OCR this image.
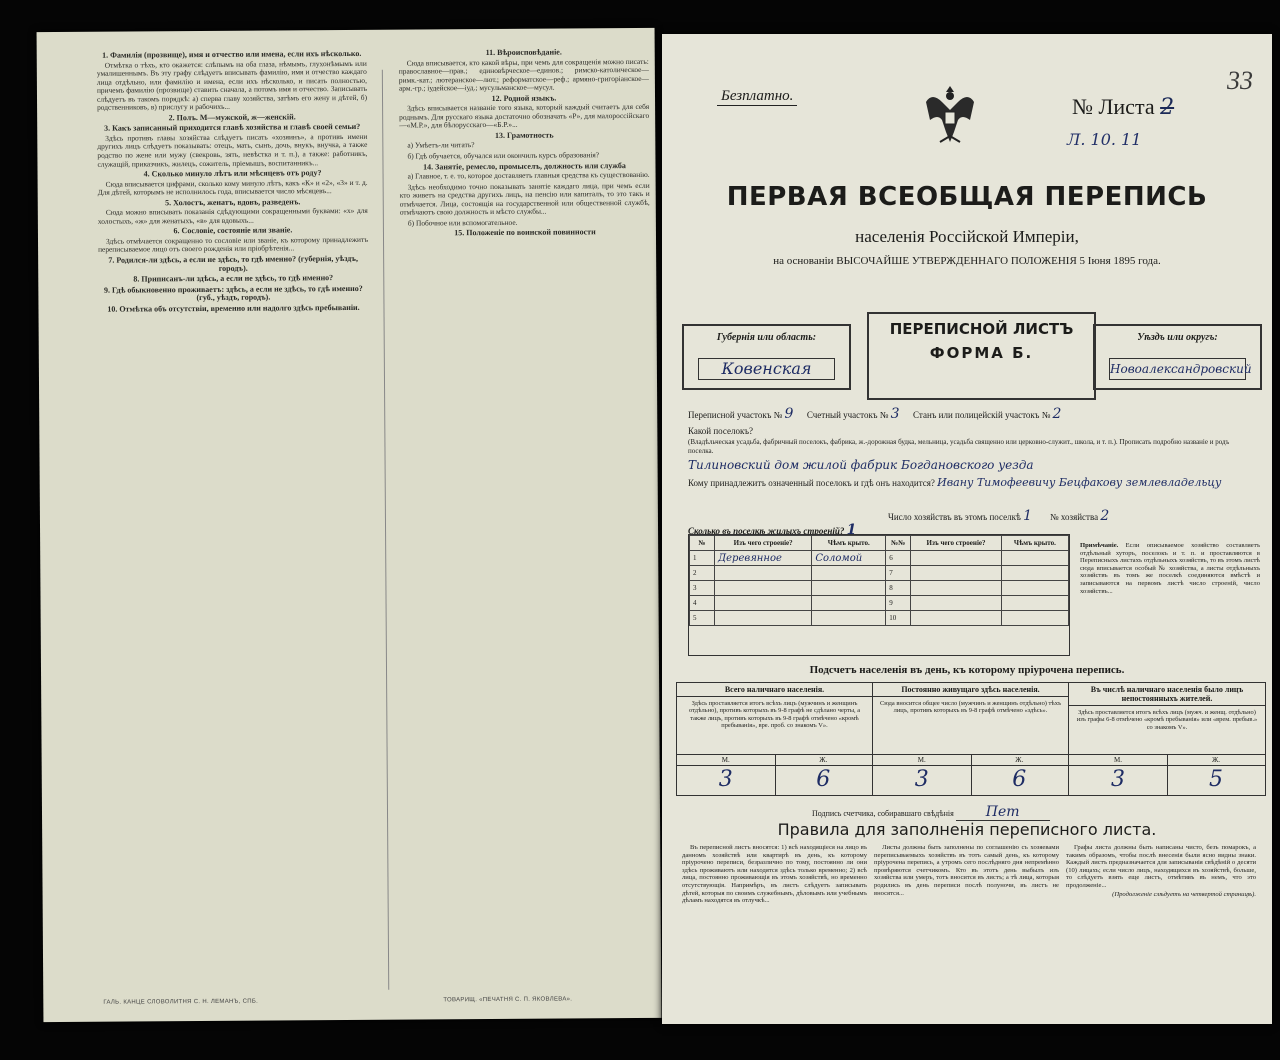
1. Фамилія (прозвище), имя и отчество или имена, если ихъ нѣсколько.

Отмѣтка о тѣхъ, кто окажется: слѣпымъ на оба глаза, нѣмымъ, глухонѣмымъ или умалишеннымъ. Въ эту графу слѣдуетъ вписывать фамилію, имя и отчество каждаго лица отдѣльно, или фамилію и имена, если ихъ нѣсколько, и писать полностью, причемъ фамилію (прозвище) ставить сначала, а потомъ имя и отчество. Записывать слѣдуетъ въ такомъ порядкѣ: а) сперва главу хозяйства, затѣмъ его жену и дѣтей, б) родственниковъ, в) прислугу и рабочихъ...

2. Полъ. М—мужской, ж—женскій.
3. Какъ записанный приходится главѣ хозяйства и главѣ своей семьи?

Здѣсь противъ главы хозяйства слѣдуетъ писать «хозяинъ», а противъ имени другихъ лицъ слѣдуетъ показывать: отецъ, мать, сынъ, дочь, внукъ, внучка, а также родство по жене или мужу (свекровь, зять, невѣстка и т. п.), а также: работникъ, служащій, приказчикъ, жилецъ, сожитель, пріемышъ, воспитанникъ...

4. Сколько минуло лѣтъ или мѣсяцевъ отъ роду?

Сюда вписывается цифрами, сколько кому минуло лѣтъ, какъ «К» и «2», «3» и т. д. Для дѣтей, которымъ не исполнилось года, вписывается число мѣсяцевъ...

5. Холостъ, женатъ, вдовъ, разведенъ.

Сюда можно вписывать показанія сдѣдующими сокращенными буквами: «х» для холостыхъ, «ж» для женатыхъ, «в» для вдовыхъ...

6. Сословіе, состояніе или званіе.

Здѣсь отмѣчается сокращенно то сословіе или званіе, къ которому принадлежитъ переписываемое лицо отъ своего рожденія или пріобрѣтенія...

7. Родился-ли здѣсь, а если не здѣсь, то гдѣ именно? (губернія, уѣздъ, городъ).
8. Приписанъ-ли здѣсь, а если не здѣсь, то гдѣ именно?
9. Гдѣ обыкновенно проживаетъ: здѣсь, а если не здѣсь, то гдѣ именно? (губ., уѣздъ, городъ).
10. Отмѣтка объ отсутствіи, временно или надолго здѣсь пребываніи.
11. Вѣроисповѣданіе.

Сюда вписывается, кто какой вѣры, при чемъ для сокращенія можно писать: православное—прав.; единовѣрческое—единов.; римско-католическое—римк.-кат.; лютеранское—лют.; реформатское—реф.; армяно-григоріанское—арм.-гр.; іудейское—іуд.; мусульманское—мусул.

12. Родной языкъ.

Здѣсь вписывается названіе того языка, который каждый считаетъ для себя роднымъ. Для русскаго языка достаточно обозначать «Р», для малороссійскаго—«М.Р.», для бѣлорусскаго—«Б.Р.»...

13. Грамотность

а) Умѣетъ-ли читать?

б) Гдѣ обучается, обучался или окончилъ курсъ образованія?

14. Занятіе, ремесло, промыселъ, должность или служба

а) Главное, т. е. то, которое доставляетъ главныя средства къ существованію.

Здѣсь необходимо точно показывать занятіе каждаго лица, при чемъ если кто живетъ на средства другихъ лицъ, на пенсію или капиталъ, то это такъ и отмѣчается. Лица, состоящія на государственной или общественной службѣ, отмѣчаютъ свою должность и мѣсто службы...

б) Побочное или вспомогательное.

15. Положеніе по воинской повинности
ГАЛЬ. КАНЦЕ СЛОВОЛИТНЯ С. Н. ЛЕМАНЪ, СПБ.	ТОВАРИЩ. «ПЕЧАТНЯ С. П. ЯКОВЛЕВА».
Безплатно.	№ Листа 2
Л. 10. 11
33
ПЕРВАЯ ВСЕОБЩАЯ ПЕРЕПИСЬ
населенія Россійской Имперіи,
на основаніи ВЫСОЧАЙШЕ УТВЕРЖДЕННАГО ПОЛОЖЕНІЯ 5 Іюня 1895 года.
Губернія или область:
Ковенская
ПЕРЕПИСНОЙ ЛИСТЪ
ФОРМА Б.
Уѣздъ или округъ:
Новоалександровский
Переписной участокъ № 9 Счетный участокъ № 3 Станъ или полицейскій участокъ № 2
Какой поселокъ?
(Владѣльческая усадьба, фабричный поселокъ, фабрика, ж.-дорожная будка, мельница, усадьба священно или церковно-служит., школа, и т. п.). Прописать подробно названіе и родъ поселка.
Тилиновский дом жилой фабрик Богдановского уезда
Кому принадлежитъ означенный поселокъ и гдѣ онъ находится? Ивану Тимофеевичу Бецфакову землевладельцу
Число хозяйствъ въ этомъ поселкѣ 1 № хозяйства 2
Сколько въ поселкѣ жилыхъ строеній? 1
№	Изъ чего строеніе?	Чѣмъ крыто.	№№	Изъ чего строеніе?	Чѣмъ крыто.
1	Деревянное	Соломой	6		
2			7		
3			8		
4			9		
5			10		
Примѣчаніе. Если описываемое хозяйство составляетъ отдѣльный хуторъ, поселокъ и т. п. и проставляются в Переписныхъ листахъ отдѣльныхъ хозяйствъ, то въ этомъ листѣ сюда вписывается особый № хозяйства, а листы отдѣльныхъ хозяйствъ въ томъ же поселкѣ соединяются вмѣстѣ и записываются на первомъ листѣ число строеній, число хозяйствъ...
Подсчетъ населенія въ день, къ которому пріурочена перепись.
Всего наличнаго населенія.
Здѣсь проставляется итогъ всѣхъ лицъ (мужчинъ и женщинъ отдѣльно), противъ которыхъ въ 9-8 графѣ не сдѣлано черты, а также лицъ, противъ которыхъ въ 9-8 графѣ отмѣчено «кромѣ пребыванія», вре. проб. со знакомъ V».
М.
3
Ж.
6
Постоянно живущаго здѣсь населенія.
Сюда вносится общее число (мужчинъ и женщинъ отдѣльно) тѣхъ лицъ, противъ которыхъ въ 9-8 графѣ отмѣчено «здѣсь».
М.
3
Ж.
6
Въ числѣ наличнаго населенія было лицъ непостоянныхъ жителей.
Здѣсь проставляется итогъ всѣхъ лицъ (мужч. и женщ. отдѣльно) изъ графы 6-8 отмѣчено «кромѣ пребыванія» или «врем. пребыв.» со знакомъ V».
М.
3
Ж.
5
Подпись счетчика, собиравшаго свѣдѣнія Пет
Правила для заполненія переписного листа.

Въ переписной листъ вносятся: 1) всѣ находящіеся на лицо въ данномъ хозяйствѣ или квартирѣ въ день, къ которому пріурочено переписи, безразлично по тому, постоянно ли они здѣсь проживаютъ или находятся здѣсь только временно; 2) всѣ лица, постоянно проживающія въ этомъ хозяйствѣ, но временно отсутствующія. Напримѣръ, въ листъ слѣдуетъ записывать дѣтей, которыя по своимъ служебнымъ, дѣловымъ или учебнымъ дѣламъ находятся въ отлучкѣ...

Листы должны быть заполнены по соглашенію съ хозяевами переписываемыхъ хозяйствъ въ тотъ самый день, къ которому пріурочена перепись, а утромъ сего послѣдняго дня непремѣнно провѣряются счетчикомъ. Кто въ этотъ день выбылъ изъ хозяйства или умеръ, тотъ вносится въ листъ; а тѣ лица, которыя родились въ день переписи послѣ полуночи, въ листъ не вносятся...

Графы листа должны быть написаны чисто, безъ помарокъ, а такимъ образомъ, чтобы послѣ внесенія были ясно видны знаки. Каждый листъ предназначается для записыванія свѣдѣній о десяти (10) лицахъ; если число лицъ, находящихся въ хозяйствѣ, больше, то слѣдуетъ взять еще листъ, отмѣтивъ въ немъ, что это продолженіе...

(Продолженіе слѣдуетъ на четвертой страницѣ).
